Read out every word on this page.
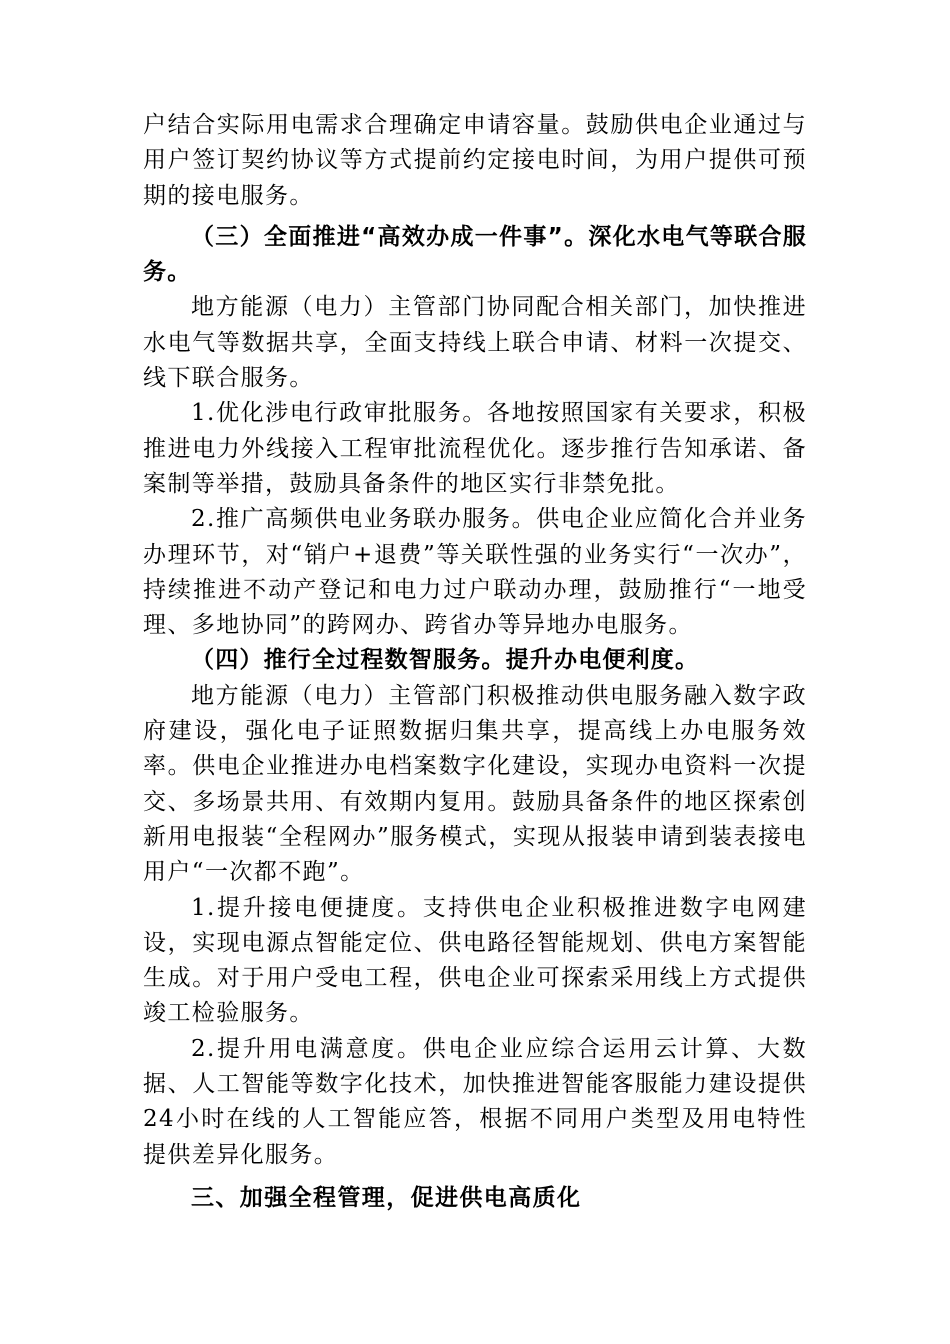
户结合实际用电需求合理确定申请容量。鼓励供电企业通过与用户签订契约协议等方式提前约定接电时间，为用户提供可预期的接电服务。

（三）全面推进“高效办成一件事”。深化水电气等联合服务。

地方能源（电力）主管部门协同配合相关部门，加快推进水电气等数据共享，全面支持线上联合申请、材料一次提交、线下联合服务。

1.优化涉电行政审批服务。各地按照国家有关要求，积极推进电力外线接入工程审批流程优化。逐步推行告知承诺、备案制等举措，鼓励具备条件的地区实行非禁免批。

2.推广高频供电业务联办服务。供电企业应简化合并业务办理环节，对“销户+退费”等关联性强的业务实行“一次办”，持续推进不动产登记和电力过户联动办理，鼓励推行“一地受理、多地协同”的跨网办、跨省办等异地办电服务。

（四）推行全过程数智服务。提升办电便利度。

地方能源（电力）主管部门积极推动供电服务融入数字政府建设，强化电子证照数据归集共享，提高线上办电服务效率。供电企业推进办电档案数字化建设，实现办电资料一次提交、多场景共用、有效期内复用。鼓励具备条件的地区探索创新用电报装“全程网办”服务模式，实现从报装申请到装表接电用户“一次都不跑”。

1.提升接电便捷度。支持供电企业积极推进数字电网建设，实现电源点智能定位、供电路径智能规划、供电方案智能生成。对于用户受电工程，供电企业可探索采用线上方式提供竣工检验服务。

2.提升用电满意度。供电企业应综合运用云计算、大数据、人工智能等数字化技术，加快推进智能客服能力建设提供24小时在线的人工智能应答，根据不同用户类型及用电特性提供差异化服务。

三、加强全程管理，促进供电高质化
